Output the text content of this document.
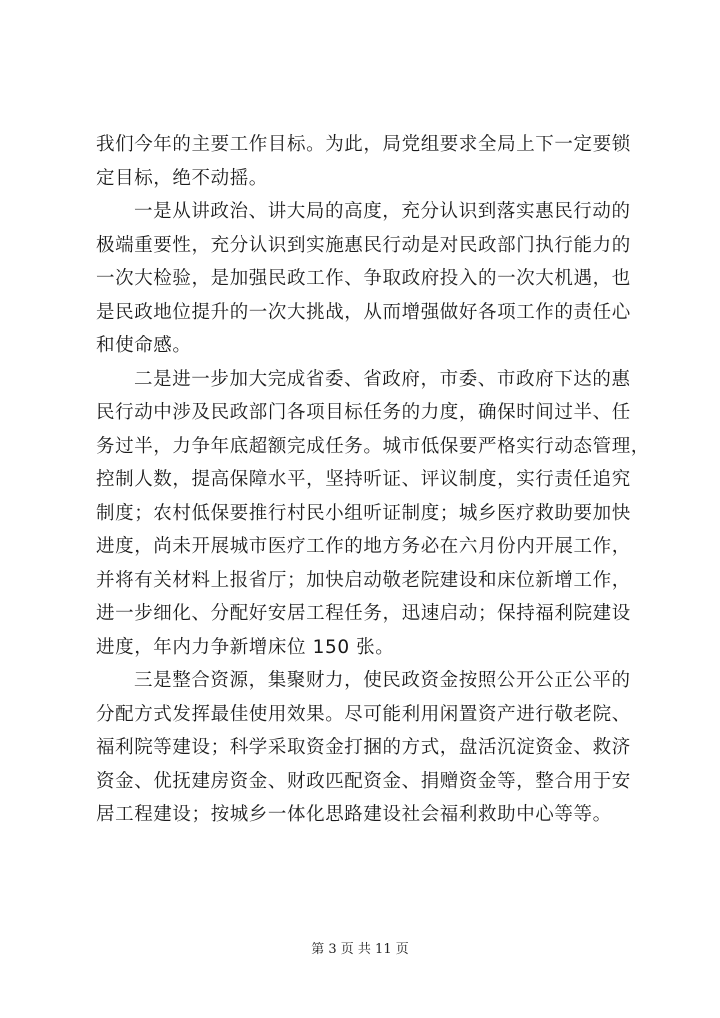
我们今年的主要工作目标。为此，局党组要求全局上下一定要锁
定目标，绝不动摇。

一是从讲政治、讲大局的高度，充分认识到落实惠民行动的
极端重要性，充分认识到实施惠民行动是对民政部门执行能力的
一次大检验，是加强民政工作、争取政府投入的一次大机遇，也
是民政地位提升的一次大挑战，从而增强做好各项工作的责任心
和使命感。

二是进一步加大完成省委、省政府，市委、市政府下达的惠
民行动中涉及民政部门各项目标任务的力度，确保时间过半、任
务过半，力争年底超额完成任务。城市低保要严格实行动态管理，
控制人数，提高保障水平，坚持听证、评议制度，实行责任追究
制度；农村低保要推行村民小组听证制度；城乡医疗救助要加快
进度，尚未开展城市医疗工作的地方务必在六月份内开展工作，
并将有关材料上报省厅；加快启动敬老院建设和床位新增工作，
进一步细化、分配好安居工程任务，迅速启动；保持福利院建设
进度，年内力争新增床位 150 张。

三是整合资源，集聚财力，使民政资金按照公开公正公平的
分配方式发挥最佳使用效果。尽可能利用闲置资产进行敬老院、
福利院等建设；科学采取资金打捆的方式，盘活沉淀资金、救济
资金、优抚建房资金、财政匹配资金、捐赠资金等，整合用于安
居工程建设；按城乡一体化思路建设社会福利救助中心等等。

第 3 页 共 11 页
